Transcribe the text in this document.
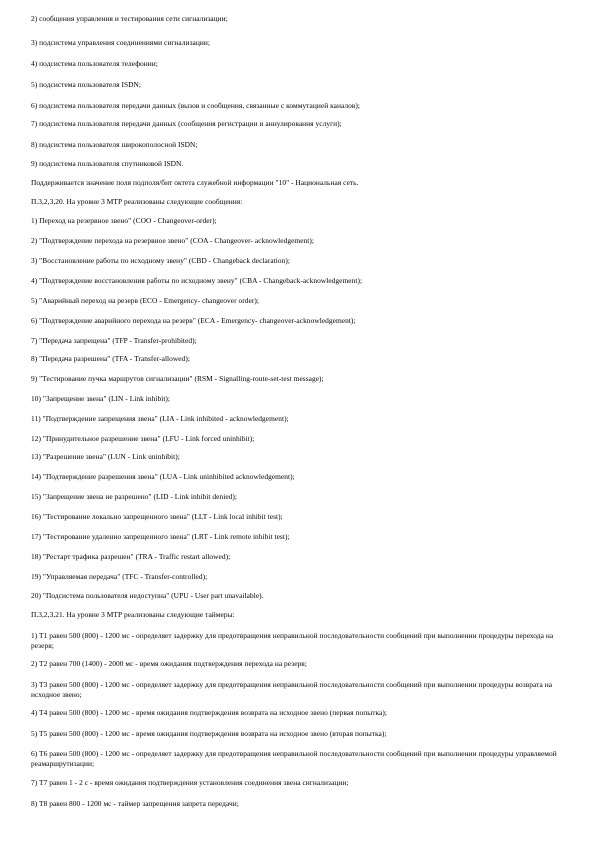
2) сообщения управления и тестирования сети сигнализации;
3) подсистема управления соединениями сигнализации;
4) подсистема пользователя телефонии;
5) подсистема пользователя ISDN;
6) подсистема пользователя передачи данных (вызов и сообщения, связанные с коммутацией каналов);
7) подсистема пользователя передачи данных (сообщения регистрации и аннулирования услуги);
8) подсистема пользователя широкополосной ISDN;
9) подсистема пользователя спутниковой ISDN.
Поддерживается значение поля подполя/бит октета служебной информации "10" - Национальная сеть.
П.3,2,3,20. На уровне 3 МТР реализованы следующие сообщения:
1) Переход на резервное звено" (COO - Changeover-order);
2) "Подтверждение перехода на резервное звено" (COA - Changeover- acknowledgement);
3) "Восстановление работы по исходному звену" (CBD - Changeback declaration);
4) "Подтверждение восстановления работы по исходному звену" (CBA - Changeback-acknowledgement);
5) "Аварийный переход на резерв (ECO - Emergency- changeover order);
6) "Подтверждение аварийного перехода на резерв" (ECA - Emergency- changeover-acknowledgement);
7) "Передача запрещена" (TFP - Transfer-prohibited);
8) "Передача разрешена" (TFA - Transfer-allowed);
9) "Тестирование пучка маршрутов сигнализации" (RSM - Signalling-route-set-test message);
10) "Запрещение звена" (LIN - Link inhibit);
11) "Подтверждение запрещения звена" (LIA - Link inhibited - acknowledgement);
12) "Принудительное разрешение звена" (LFU - Link forced uninhibit);
13) "Разрешение звена" (LUN - Link uninhibit);
14) "Подтверждение разрешения звена" (LUA - Link uninhibited acknowledgement);
15) "Запрещение звена не разрешено" (LID - Link inhibit denied);
16) "Тестирование локально запрещенного звена" (LLT - Link local inhibit test);
17) "Тестирование удаленно запрещенного звена" (LRT - Link remote inhibit test);
18) "Рестарт трафика разрешен" (TRA - Traffic restart allowed);
19) "Управляемая передача" (TFC - Transfer-controlled);
20) "Подсистема пользователя недоступна" (UPU - User part unavailable).
П.3,2,3,21. На уровне 3 МТР реализованы следующие таймеры:
1) T1 равен 500 (800) - 1200 мс - определяет задержку для предотвращения неправильной последовательности сообщений при выполнении процедуры перехода на резерв;
2) T2 равен 700 (1400) - 2000 мс - время ожидания подтверждения перехода на резерв;
3) T3 равен 500 (800) - 1200 мс - определяет задержку для предотвращения неправильной последовательности сообщений при выполнении процедуры возврата на исходное звено;
4) T4 равен 500 (800) - 1200 мс - время ожидания подтверждения возврата на исходное звено (первая попытка);
5) T5 равен 500 (800) - 1200 мс - время ожидания подтверждения возврата на исходное звено (вторая попытка);
6) T6 равен 500 (800) - 1200 мс - определяет задержку для предотвращения неправильной последовательности сообщений при выполнении процедуры управляемой реамаршрутизации;
7) T7 равен 1 - 2 с - время ожидания подтверждения установления соединения звена сигнализации;
8) T8 равен 800 - 1200 мс - таймер запрещения запрета передачи;
